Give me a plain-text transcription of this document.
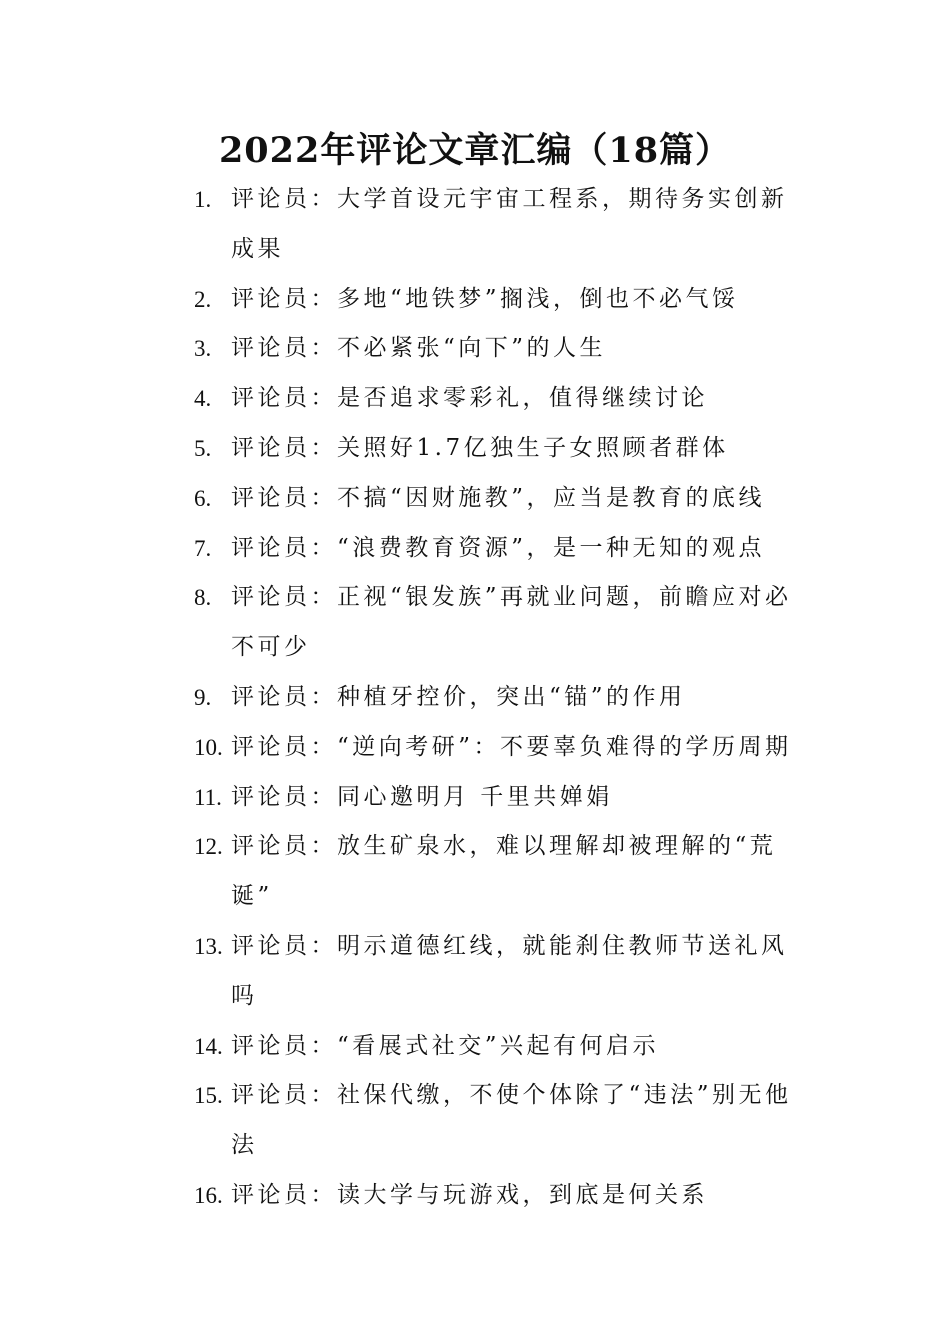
2022年评论文章汇编（18篇）
1. 评论员：大学首设元宇宙工程系，期待务实创新成果
2. 评论员：多地“地铁梦”搁浅，倒也不必气馁
3. 评论员：不必紧张“向下”的人生
4. 评论员：是否追求零彩礼，值得继续讨论
5. 评论员：关照好1.7亿独生子女照顾者群体
6. 评论员：不搞“因财施教”，应当是教育的底线
7. 评论员：“浪费教育资源”，是一种无知的观点
8. 评论员：正视“银发族”再就业问题，前瞻应对必不可少
9. 评论员：种植牙控价，突出“锚”的作用
10. 评论员：“逆向考研”：不要辜负难得的学历周期
11. 评论员：同心邀明月 千里共婵娟
12. 评论员：放生矿泉水，难以理解却被理解的“荒诞”
13. 评论员：明示道德红线，就能刹住教师节送礼风吗
14. 评论员：“看展式社交”兴起有何启示
15. 评论员：社保代缴，不使个体除了“违法”别无他法
16. 评论员：读大学与玩游戏，到底是何关系
